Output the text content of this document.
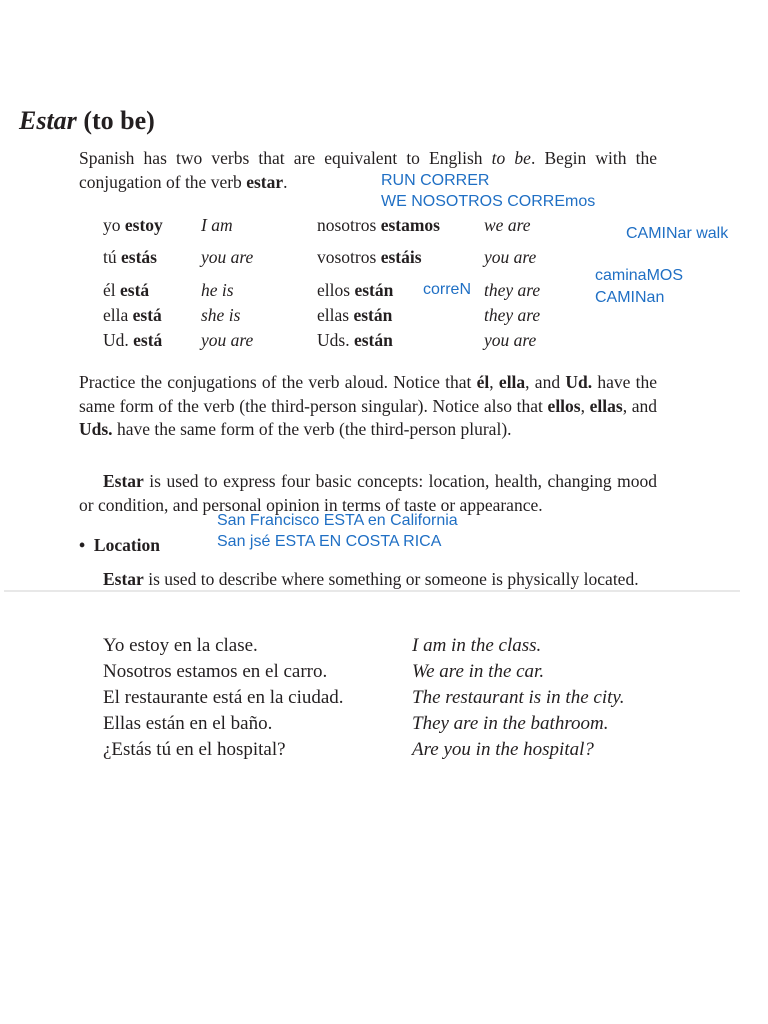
Estar (to be)
Spanish has two verbs that are equivalent to English to be. Begin with the conjugation of the verb estar.
yo estoy I am	nosotros estamos	we are
tú estás	you are	vosotros estáis	you are
él está	he is	ellos están	they are
ella está she is	ellas están	they are
Ud. está you are	Uds. están	you are
Practice the conjugations of the verb aloud. Notice that él, ella, and Ud. have the same form of the verb (the third-person singular). Notice also that ellos, ellas, and Uds. have the same form of the verb (the third-person plural).
Estar is used to express four basic concepts: location, health, changing mood or condition, and personal opinion in terms of taste or appearance.
• Location
Estar is used to describe where something or someone is physically located.
Yo estoy en la clase.	I am in the class.
Nosotros estamos en el carro.	We are in the car.
El restaurante está en la ciudad.	The restaurant is in the city.
Ellas están en el baño.	They are in the bathroom.
¿Estás tú en el hospital?	Are you in the hospital?
RUN CORRER
WE NOSOTROS CORREmos
CAMINar walk
caminaMOS
CAMINan
correN
San Francisco ESTA en California
San jsé ESTA EN COSTA RICA
